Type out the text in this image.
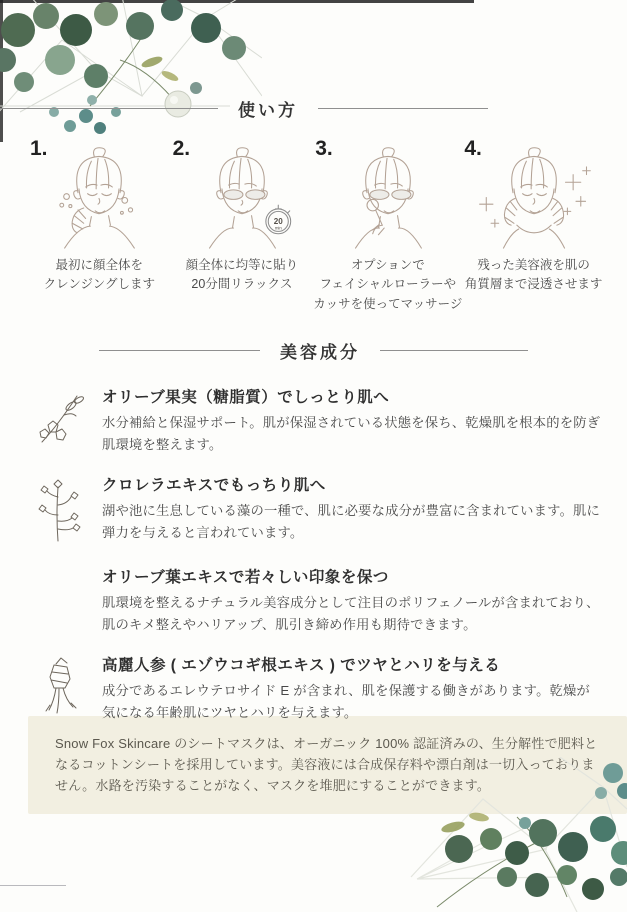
使い方
1.
最初に顔全体を
クレンジングします
2.
20
min
顔全体に均等に貼り
20分間リラックス
3.
オプションで
フェイシャルローラーや
カッサを使ってマッサージ
4.
残った美容液を肌の
角質層まで浸透させます
美容成分
オリーブ果実（糖脂質）でしっとり肌へ

水分補給と保湿サポート。肌が保湿されている状態を保ち、乾燥肌を根本的を防ぎ肌環境を整えます。

クロレラエキスでもっちり肌へ

湖や池に生息している藻の一種で、肌に必要な成分が豊富に含まれています。肌に弾力を与えると言われています。

オリーブ葉エキスで若々しい印象を保つ

肌環境を整えるナチュラル美容成分として注目のポリフェノールが含まれており、肌のキメ整えやハリアップ、肌引き締め作用も期待できます。

高麗人参 ( エゾウコギ根エキス ) でツヤとハリを与える

成分であるエレウテロサイド E が含まれ、肌を保護する働きがあります。乾燥が気になる年齢肌にツヤとハリを与えます。

Snow Fox Skincare のシートマスクは、オーガニック 100% 認証済みの、生分解性で肥料となるコットンシートを採用しています。美容液には合成保存料や漂白剤は一切入っておりません。水路を汚染することがなく、マスクを堆肥にすることができます。
